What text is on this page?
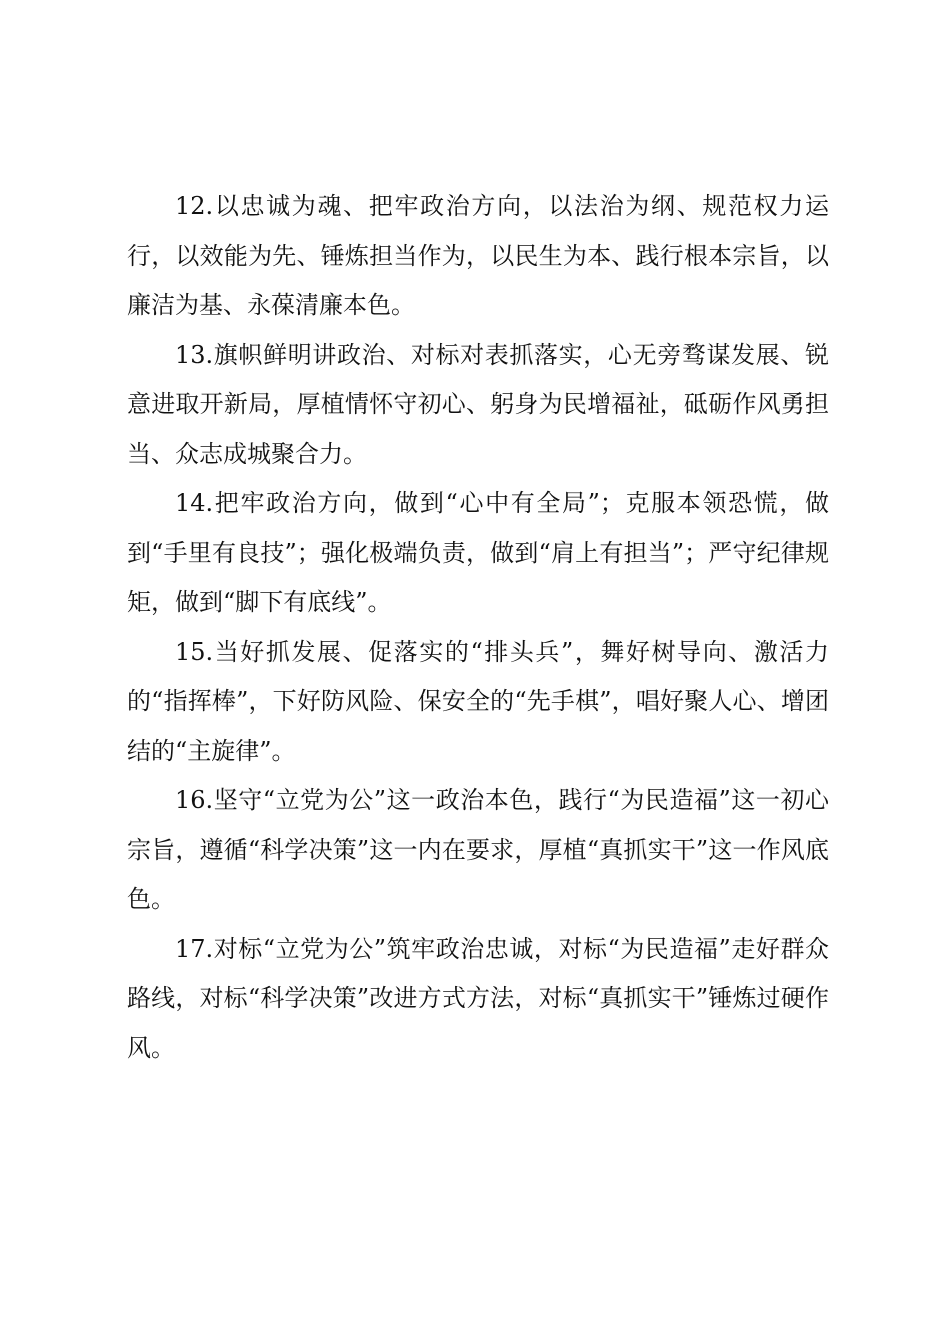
12.以忠诚为魂、把牢政治方向，以法治为纲、规范权力运行，以效能为先、锤炼担当作为，以民生为本、践行根本宗旨，以廉洁为基、永葆清廉本色。

13.旗帜鲜明讲政治、对标对表抓落实，心无旁骛谋发展、锐意进取开新局，厚植情怀守初心、躬身为民增福祉，砥砺作风勇担当、众志成城聚合力。

14.把牢政治方向，做到“心中有全局”；克服本领恐慌，做到“手里有良技”；强化极端负责，做到“肩上有担当”；严守纪律规矩，做到“脚下有底线”。

15.当好抓发展、促落实的“排头兵”，舞好树导向、激活力的“指挥棒”，下好防风险、保安全的“先手棋”，唱好聚人心、增团结的“主旋律”。

16.坚守“立党为公”这一政治本色，践行“为民造福”这一初心宗旨，遵循“科学决策”这一内在要求，厚植“真抓实干”这一作风底色。

17.对标“立党为公”筑牢政治忠诚，对标“为民造福”走好群众路线，对标“科学决策”改进方式方法，对标“真抓实干”锤炼过硬作风。
